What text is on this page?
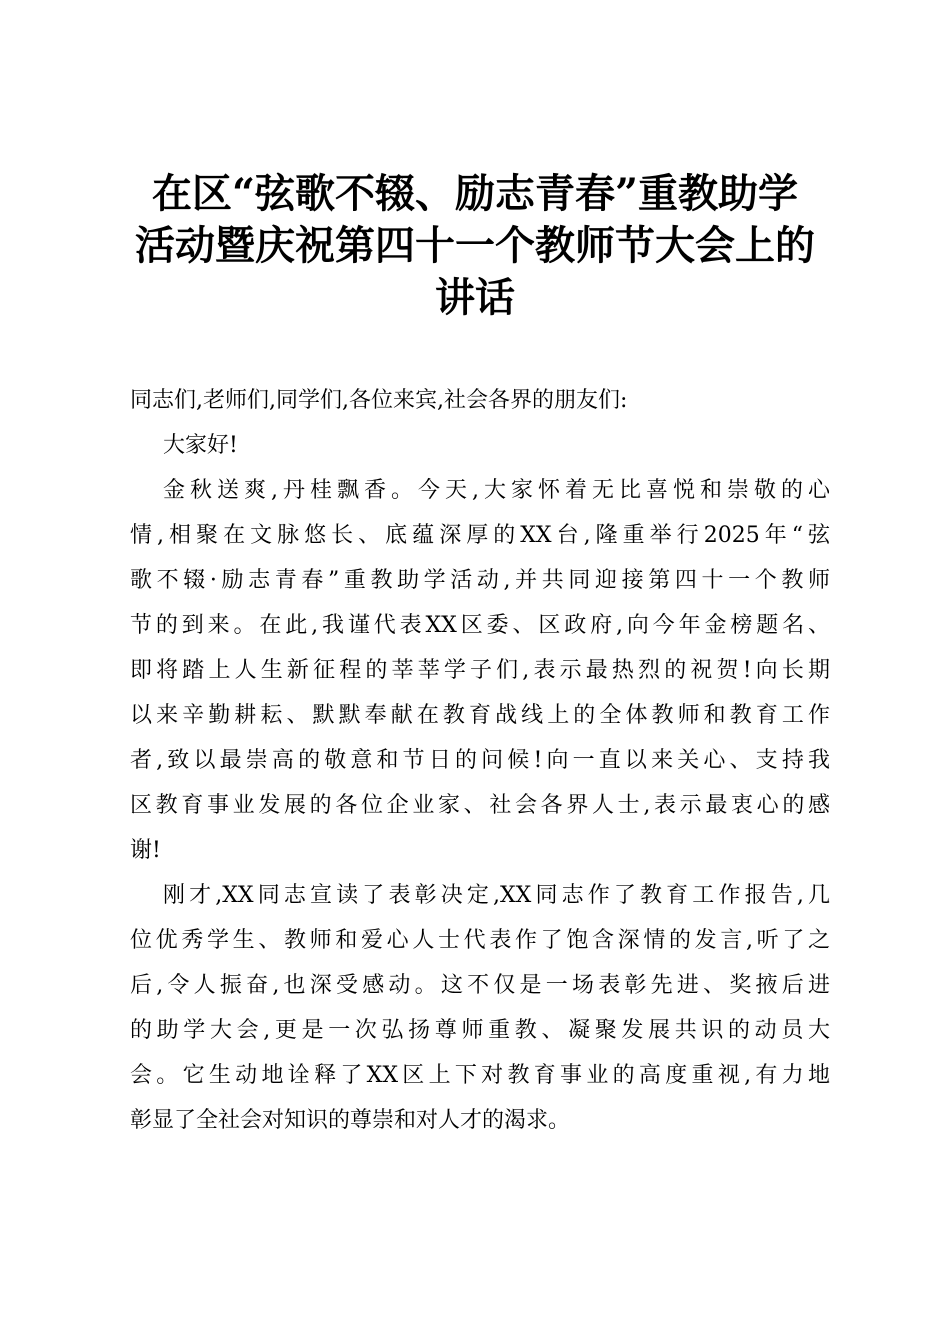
在区“弦歌不辍、励志青春”重教助学
活动暨庆祝第四十一个教师节大会上的
讲话
同志们,老师们,同学们,各位来宾,社会各界的朋友们:
大家好!
金秋送爽,丹桂飘香。今天,大家怀着无比喜悦和崇敬的心
情,相聚在文脉悠长、底蕴深厚的XX台,隆重举行2025年“弦
歌不辍·励志青春”重教助学活动,并共同迎接第四十一个教师
节的到来。在此,我谨代表XX区委、区政府,向今年金榜题名、
即将踏上人生新征程的莘莘学子们,表示最热烈的祝贺!向长期
以来辛勤耕耘、默默奉献在教育战线上的全体教师和教育工作
者,致以最崇高的敬意和节日的问候!向一直以来关心、支持我
区教育事业发展的各位企业家、社会各界人士,表示最衷心的感
谢!
刚才,XX同志宣读了表彰决定,XX同志作了教育工作报告,几
位优秀学生、教师和爱心人士代表作了饱含深情的发言,听了之
后,令人振奋,也深受感动。这不仅是一场表彰先进、奖掖后进
的助学大会,更是一次弘扬尊师重教、凝聚发展共识的动员大
会。它生动地诠释了XX区上下对教育事业的高度重视,有力地
彰显了全社会对知识的尊崇和对人才的渴求。
